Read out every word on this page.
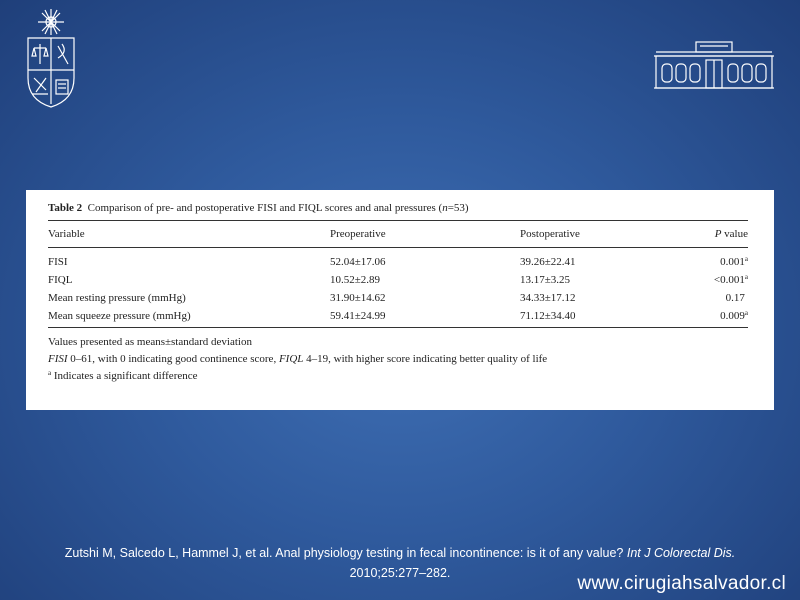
Table 2 Comparison of pre- and postoperative FISI and FIQL scores and anal pressures (n=53)
Variable	Preoperative	Postoperative	P value
FISI	52.04±17.06	39.26±22.41	0.001$^a$
FIQL	10.52±2.89	13.17±3.25	<0.001$^a$
Mean resting pressure (mmHg)	31.90±14.62	34.33±17.12	0.17
Mean squeeze pressure (mmHg)	59.41±24.99	71.12±34.40	0.009$^a$
Values presented as means±standard deviation
FISI 0–61, with 0 indicating good continence score, FIQL 4–19, with higher score indicating better quality of life
$^a$ Indicates a significant difference
Zutshi M, Salcedo L, Hammel J, et al. Anal physiology testing in fecal incontinence: is it of any value? Int J Colorectal Dis.
2010;25:277–282.	www.cirugiahsalvador.cl
